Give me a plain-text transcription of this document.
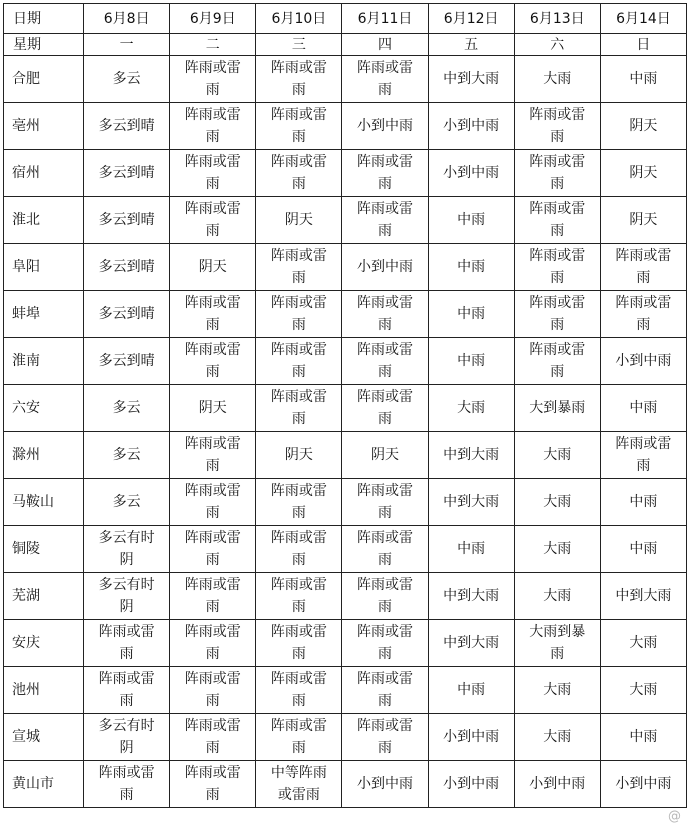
日期	6月8日	6月9日	6月10日	6月11日	6月12日	6月13日	6月14日

星期	一	二	三	四	五	六	日
合肥	多云	阵雨或雷雨	阵雨或雷雨	阵雨或雷雨	中到大雨	大雨	中雨
亳州	多云到晴	阵雨或雷雨	阵雨或雷雨	小到中雨	小到中雨	阵雨或雷雨	阴天
宿州	多云到晴	阵雨或雷雨	阵雨或雷雨	阵雨或雷雨	小到中雨	阵雨或雷雨	阴天
淮北	多云到晴	阵雨或雷雨	阴天	阵雨或雷雨	中雨	阵雨或雷雨	阴天
阜阳	多云到晴	阴天	阵雨或雷雨	小到中雨	中雨	阵雨或雷雨	阵雨或雷雨
蚌埠	多云到晴	阵雨或雷雨	阵雨或雷雨	阵雨或雷雨	中雨	阵雨或雷雨	阵雨或雷雨
淮南	多云到晴	阵雨或雷雨	阵雨或雷雨	阵雨或雷雨	中雨	阵雨或雷雨	小到中雨
六安	多云	阴天	阵雨或雷雨	阵雨或雷雨	大雨	大到暴雨	中雨
滁州	多云	阵雨或雷雨	阴天	阴天	中到大雨	大雨	阵雨或雷雨
马鞍山	多云	阵雨或雷雨	阵雨或雷雨	阵雨或雷雨	中到大雨	大雨	中雨
铜陵	多云有时阴	阵雨或雷雨	阵雨或雷雨	阵雨或雷雨	中雨	大雨	中雨
芜湖	多云有时阴	阵雨或雷雨	阵雨或雷雨	阵雨或雷雨	中到大雨	大雨	中到大雨
安庆	阵雨或雷雨	阵雨或雷雨	阵雨或雷雨	阵雨或雷雨	中到大雨	大雨到暴雨	大雨
池州	阵雨或雷雨	阵雨或雷雨	阵雨或雷雨	阵雨或雷雨	中雨	大雨	大雨
宣城	多云有时阴	阵雨或雷雨	阵雨或雷雨	阵雨或雷雨	小到中雨	大雨	中雨
黄山市	阵雨或雷雨	阵雨或雷雨	中等阵雨或雷雨	小到中雨	小到中雨	小到中雨	小到中雨
@
